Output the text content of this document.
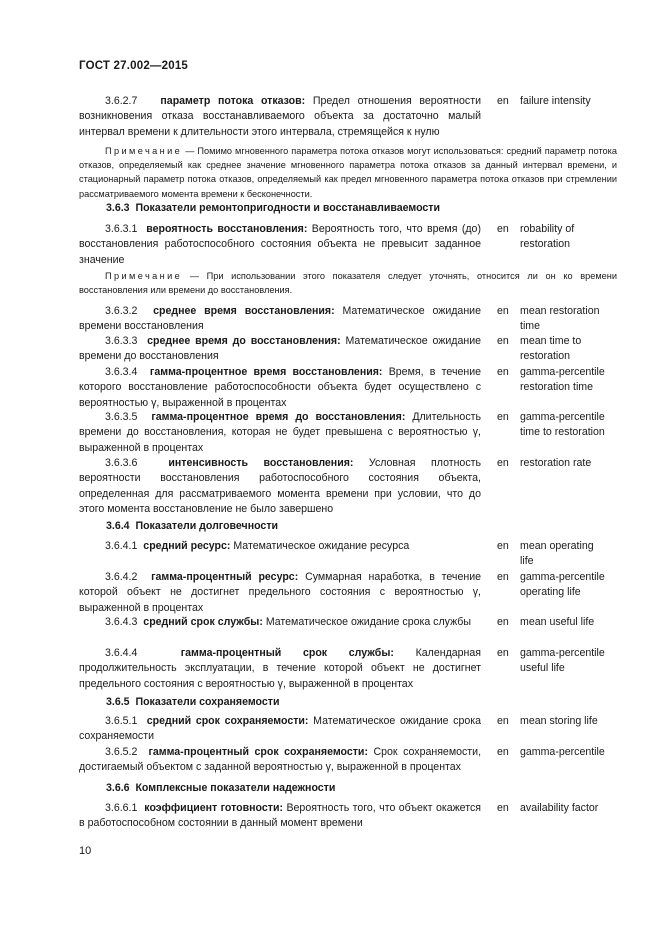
ГОСТ 27.002—2015
3.6.2.7 параметр потока отказов: Предел отношения вероятности возникновения отказа восстанавливаемого объекта за достаточно малый интервал времени к длительности этого интервала, стремящейся к нулю
en failure intensity
Примечание — Помимо мгновенного параметра потока отказов могут использоваться: средний параметр потока отказов, определяемый как среднее значение мгновенного параметра потока отказов за данный интервал времени, и стационарный параметр потока отказов, определяемый как предел мгновенного параметра потока отказов при стремлении рассматриваемого момента времени к бесконечности.
3.6.3 Показатели ремонтопригодности и восстанавливаемости
3.6.3.1 вероятность восстановления: Вероятность того, что время (до) восстановления работоспособного состояния объекта не превысит заданное значение
en robability of restoration
Примечание — При использовании этого показателя следует уточнять, относится ли он ко времени восстановления или времени до восстановления.
3.6.3.2 среднее время восстановления: Математическое ожидание времени восстановления
en mean restoration time
3.6.3.3 среднее время до восстановления: Математическое ожидание времени до восстановления
en mean time to restoration
3.6.3.4 гамма-процентное время восстановления: Время, в течение которого восстановление работоспособности объекта будет осуществлено с вероятностью γ, выраженной в процентах
en gamma-percentile restoration time
3.6.3.5 гамма-процентное время до восстановления: Длительность времени до восстановления, которая не будет превышена с вероятностью γ, выраженной в процентах
en gamma-percentile time to restoration
3.6.3.6	интенсивность восстановления: Условная плотность вероятности восстановления работоспособного состояния объекта, определенная для рассматриваемого момента времени при условии, что до этого момента восстановление не было завершено
en restoration rate
3.6.4 Показатели долговечности
3.6.4.1 средний ресурс: Математическое ожидание ресурса	en mean operating life
3.6.4.2 гамма-процентный ресурс: Суммарная наработка, в течение которой объект не достигнет предельного состояния с вероятностью γ, выраженной в процентах
en gamma-percentile operating life
3.6.4.3 средний срок службы: Математическое ожидание срока службы	en mean useful life
3.6.4.4	гамма-процентный срок службы: Календарная продолжительность эксплуатации, в течение которой объект не достигнет предельного состояния с вероятностью γ, выраженной в процентах
en gamma-percentile useful life
3.6.5 Показатели сохраняемости
3.6.5.1 средний срок сохраняемости: Математическое ожидание срока сохраняемости
en mean storing life
3.6.5.2 гамма-процентный срок сохраняемости: Срок сохраняемости, достигаемый объектом с заданной вероятностью γ, выраженной в процентах
en gamma-percentile
3.6.6 Комплексные показатели надежности
3.6.6.1 коэффициент готовности: Вероятность того, что объект окажется в работоспособном состоянии в данный момент времени
en availability factor
10
